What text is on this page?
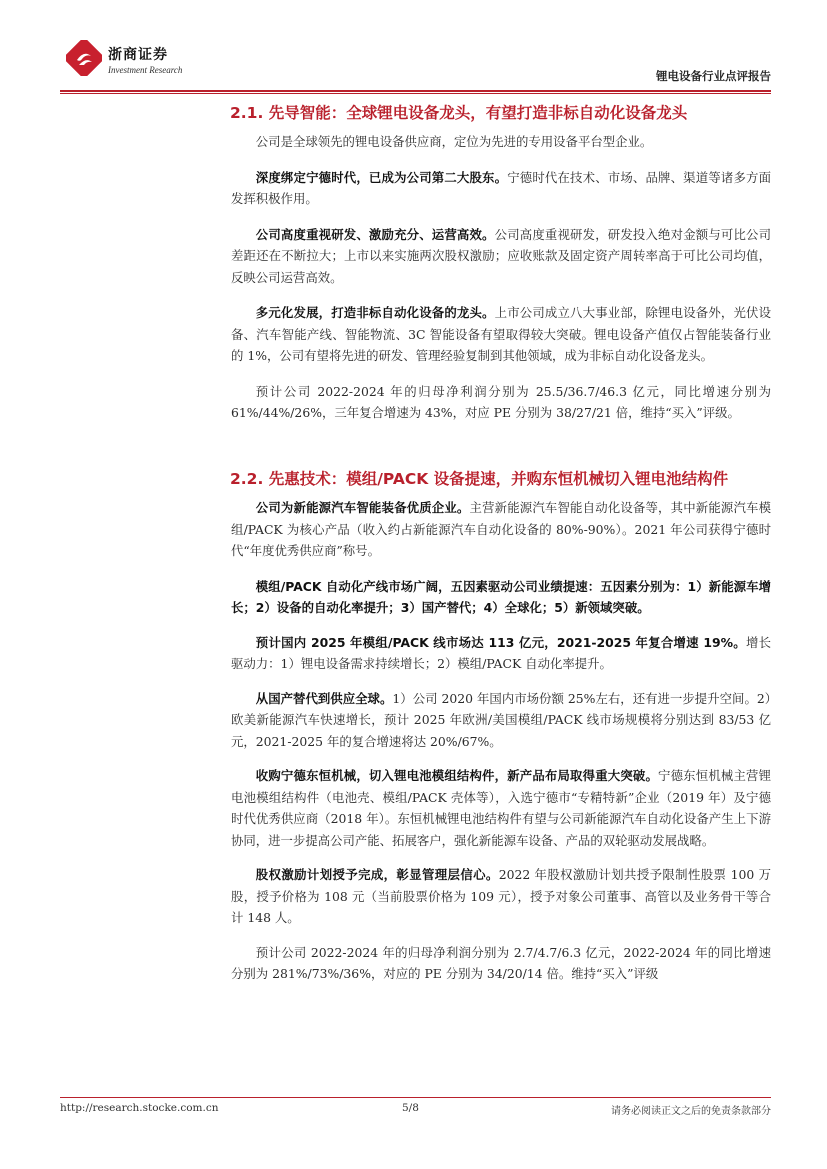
浙商证券
Investment Research	锂电设备行业点评报告
2.1. 先导智能：全球锂电设备龙头，有望打造非标自动化设备龙头

公司是全球领先的锂电设备供应商，定位为先进的专用设备平台型企业。

深度绑定宁德时代，已成为公司第二大股东。宁德时代在技术、市场、品牌、渠道等诸多方面发挥积极作用。

公司高度重视研发、激励充分、运营高效。公司高度重视研发，研发投入绝对金额与可比公司差距还在不断拉大；上市以来实施两次股权激励；应收账款及固定资产周转率高于可比公司均值，反映公司运营高效。

多元化发展，打造非标自动化设备的龙头。上市公司成立八大事业部，除锂电设备外，光伏设备、汽车智能产线、智能物流、3C 智能设备有望取得较大突破。锂电设备产值仅占智能装备行业的 1%，公司有望将先进的研发、管理经验复制到其他领域，成为非标自动化设备龙头。

预计公司 2022-2024 年的归母净利润分别为 25.5/36.7/46.3 亿元，同比增速分别为 61%/44%/26%，三年复合增速为 43%，对应 PE 分别为 38/27/21 倍，维持“买入”评级。

2.2. 先惠技术：模组/PACK 设备提速，并购东恒机械切入锂电池结构件

公司为新能源汽车智能装备优质企业。主营新能源汽车智能自动化设备等，其中新能源汽车模组/PACK 为核心产品（收入约占新能源汽车自动化设备的 80%-90%）。2021 年公司获得宁德时代“年度优秀供应商”称号。

模组/PACK 自动化产线市场广阔，五因素驱动公司业绩提速：五因素分别为：1）新能源车增长；2）设备的自动化率提升；3）国产替代；4）全球化；5）新领域突破。

预计国内 2025 年模组/PACK 线市场达 113 亿元，2021-2025 年复合增速 19%。增长驱动力：1）锂电设备需求持续增长；2）模组/PACK 自动化率提升。

从国产替代到供应全球。1）公司 2020 年国内市场份额 25%左右，还有进一步提升空间。2）欧美新能源汽车快速增长，预计 2025 年欧洲/美国模组/PACK 线市场规模将分别达到 83/53 亿元，2021-2025 年的复合增速将达 20%/67%。

收购宁德东恒机械，切入锂电池模组结构件，新产品布局取得重大突破。宁德东恒机械主营锂电池模组结构件（电池壳、模组/PACK 壳体等），入选宁德市“专精特新”企业（2019 年）及宁德时代优秀供应商（2018 年）。东恒机械锂电池结构件有望与公司新能源汽车自动化设备产生上下游协同，进一步提高公司产能、拓展客户，强化新能源车设备、产品的双轮驱动发展战略。

股权激励计划授予完成，彰显管理层信心。2022 年股权激励计划共授予限制性股票 100 万股，授予价格为 108 元（当前股票价格为 109 元），授予对象公司董事、高管以及业务骨干等合计 148 人。

预计公司 2022-2024 年的归母净利润分别为 2.7/4.7/6.3 亿元，2022-2024 年的同比增速分别为 281%/73%/36%，对应的 PE 分别为 34/20/14 倍。维持“买入”评级

http://research.stocke.com.cn	5/8	请务必阅读正文之后的免责条款部分
